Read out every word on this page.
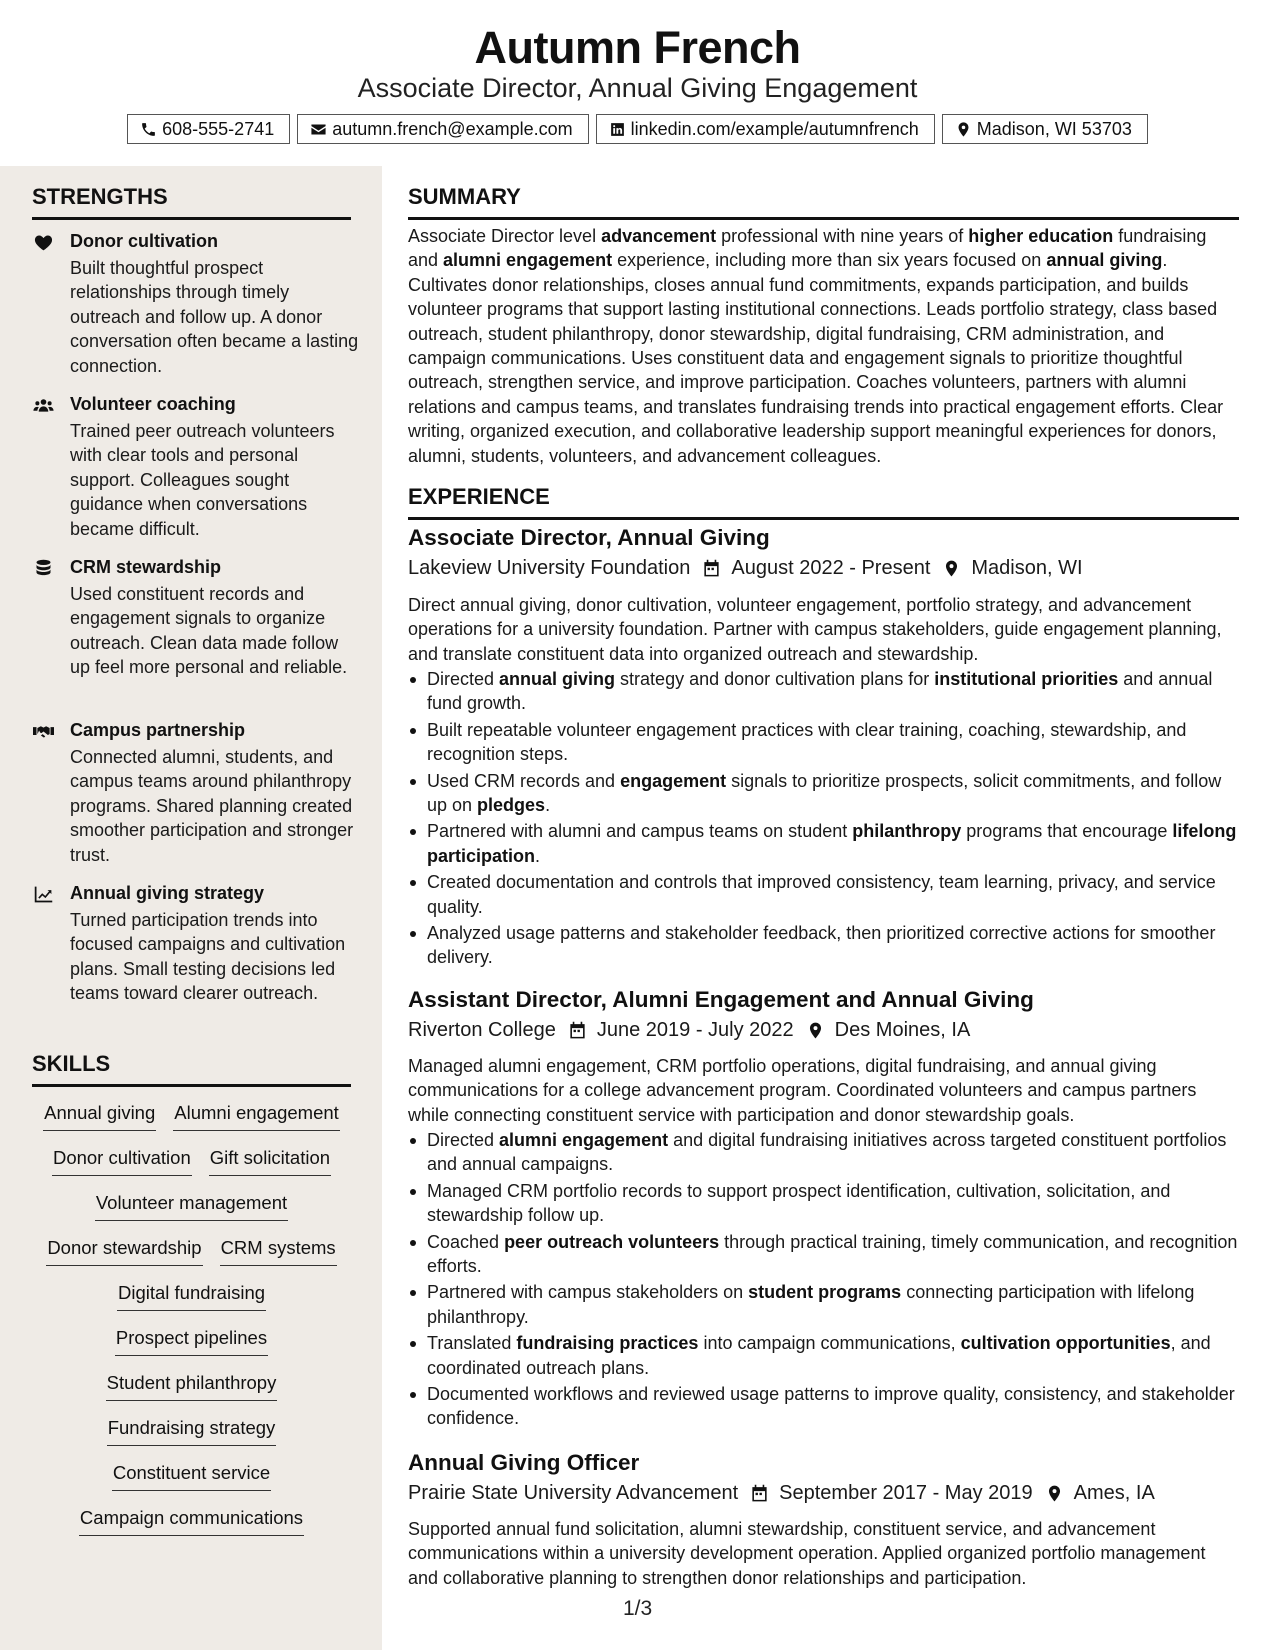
Autumn French
Associate Director, Annual Giving Engagement
608-555-2741	autumn.french@example.com	linkedin.com/example/autumnfrench	Madison, WI 53703
STRENGTHS
Donor cultivation
Built thoughtful prospect relationships through timely outreach and follow up. A donor conversation often became a lasting connection.
Volunteer coaching
Trained peer outreach volunteers with clear tools and personal support. Colleagues sought guidance when conversations became difficult.
CRM stewardship
Used constituent records and engagement signals to organize outreach. Clean data made follow up feel more personal and reliable.
Campus partnership
Connected alumni, students, and campus teams around philanthropy programs. Shared planning created smoother participation and stronger trust.
Annual giving strategy
Turned participation trends into focused campaigns and cultivation plans. Small testing decisions led teams toward clearer outreach.
SKILLS
Annual giving Alumni engagement
Donor cultivation Gift solicitation
Volunteer management
Donor stewardship CRM systems
Digital fundraising
Prospect pipelines
Student philanthropy
Fundraising strategy
Constituent service
Campaign communications
SUMMARY
Associate Director level advancement professional with nine years of higher education fundraising and alumni engagement experience, including more than six years focused on annual giving. Cultivates donor relationships, closes annual fund commitments, expands participation, and builds volunteer programs that support lasting institutional connections. Leads portfolio strategy, class based outreach, student philanthropy, donor stewardship, digital fundraising, CRM administration, and campaign communications. Uses constituent data and engagement signals to prioritize thoughtful outreach, strengthen service, and improve participation. Coaches volunteers, partners with alumni relations and campus teams, and translates fundraising trends into practical engagement efforts. Clear writing, organized execution, and collaborative leadership support meaningful experiences for donors, alumni, students, volunteers, and advancement colleagues.
EXPERIENCE
Associate Director, Annual Giving
Lakeview University Foundation August 2022 - Present Madison, WI
Direct annual giving, donor cultivation, volunteer engagement, portfolio strategy, and advancement operations for a university foundation. Partner with campus stakeholders, guide engagement planning, and translate constituent data into organized outreach and stewardship.
Directed annual giving strategy and donor cultivation plans for institutional priorities and annual fund growth.
Built repeatable volunteer engagement practices with clear training, coaching, stewardship, and recognition steps.
Used CRM records and engagement signals to prioritize prospects, solicit commitments, and follow up on pledges.
Partnered with alumni and campus teams on student philanthropy programs that encourage lifelong participation.
Created documentation and controls that improved consistency, team learning, privacy, and service quality.
Analyzed usage patterns and stakeholder feedback, then prioritized corrective actions for smoother delivery.
Assistant Director, Alumni Engagement and Annual Giving
Riverton College June 2019 - July 2022 Des Moines, IA
Managed alumni engagement, CRM portfolio operations, digital fundraising, and annual giving communications for a college advancement program. Coordinated volunteers and campus partners while connecting constituent service with participation and donor stewardship goals.
Directed alumni engagement and digital fundraising initiatives across targeted constituent portfolios and annual campaigns.
Managed CRM portfolio records to support prospect identification, cultivation, solicitation, and stewardship follow up.
Coached peer outreach volunteers through practical training, timely communication, and recognition efforts.
Partnered with campus stakeholders on student programs connecting participation with lifelong philanthropy.
Translated fundraising practices into campaign communications, cultivation opportunities, and coordinated outreach plans.
Documented workflows and reviewed usage patterns to improve quality, consistency, and stakeholder confidence.
Annual Giving Officer
Prairie State University Advancement September 2017 - May 2019 Ames, IA
Supported annual fund solicitation, alumni stewardship, constituent service, and advancement communications within a university development operation. Applied organized portfolio management and collaborative planning to strengthen donor relationships and participation.
1/3
